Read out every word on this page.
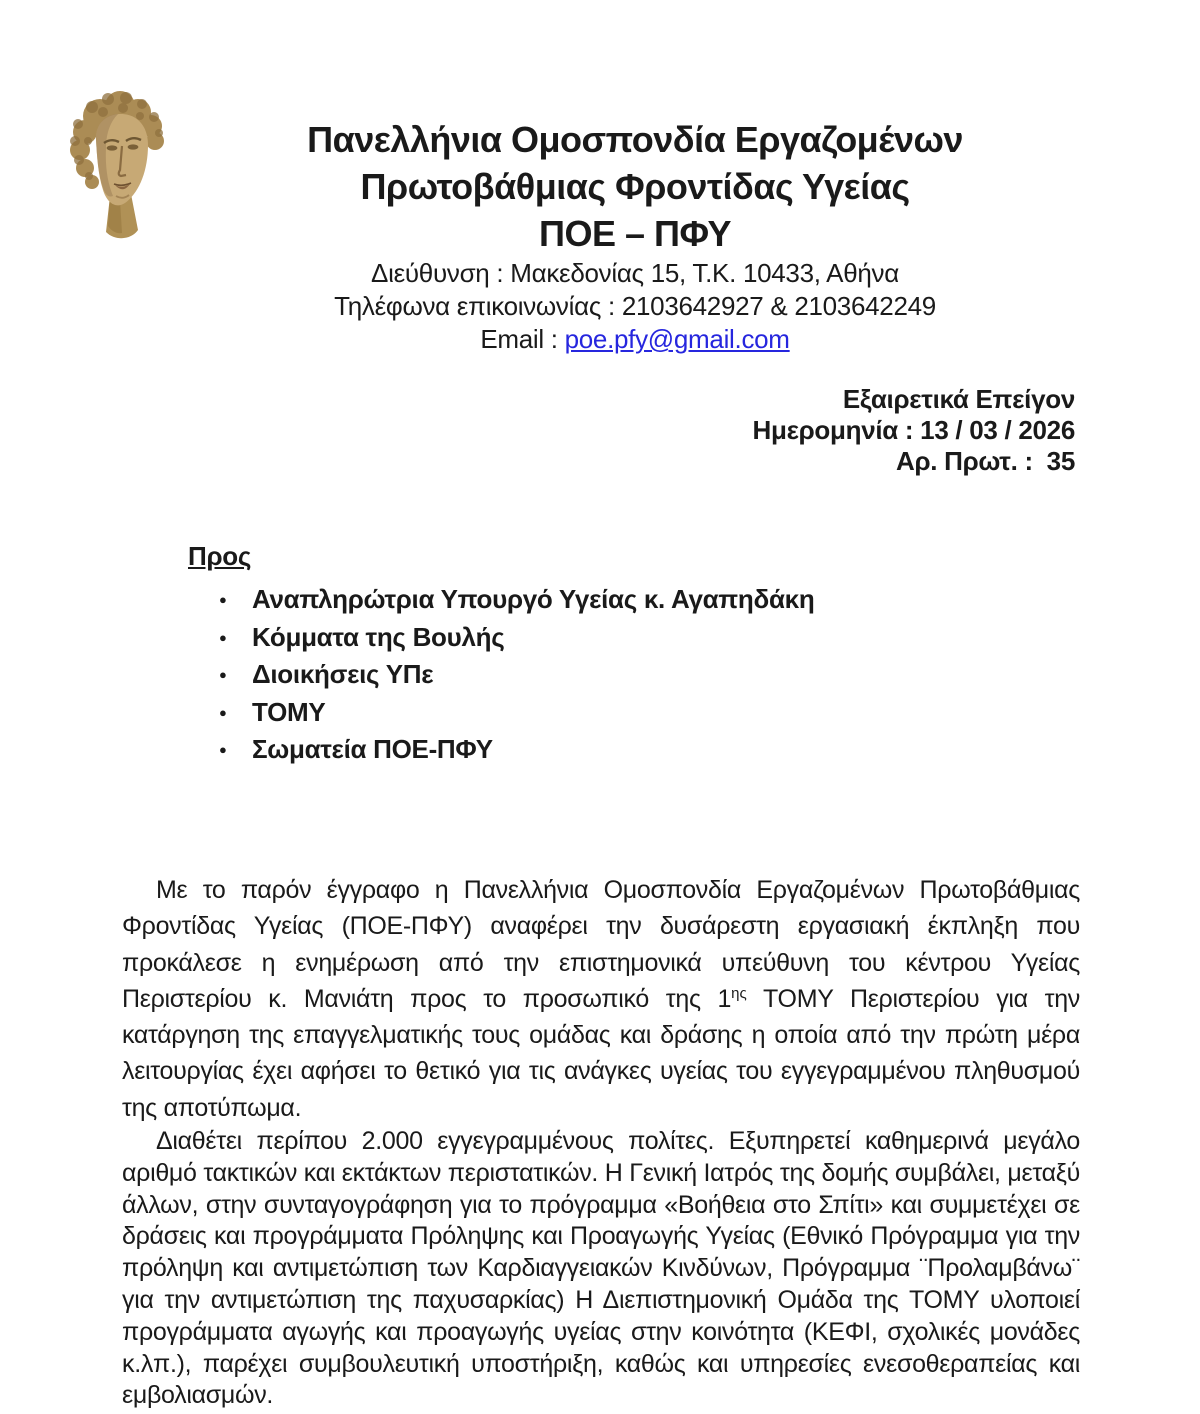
Πανελλήνια Ομοσπονδία Εργαζομένων
Πρωτοβάθμιας Φροντίδας Υγείας
ΠΟΕ – ΠΦΥ
Διεύθυνση : Μακεδονίας 15, Τ.Κ. 10433, Αθήνα
Τηλέφωνα επικοινωνίας : 2103642927 & 2103642249
Email : poe.pfy@gmail.com
Εξαιρετικά Επείγον
Ημερομηνία : 13 / 03 / 2026
Αρ. Πρωτ. :  35
Προς
● Αναπληρώτρια Υπουργό Υγείας κ. Αγαπηδάκη
● Κόμματα της Βουλής
● Διοικήσεις ΥΠε
● ΤΟΜΥ
● Σωματεία ΠΟΕ-ΠΦΥ

Με το παρόν έγγραφο η Πανελλήνια Ομοσπονδία Εργαζομένων Πρωτοβάθμιας Φροντίδας Υγείας (ΠΟΕ-ΠΦΥ) αναφέρει την δυσάρεστη εργασιακή έκπληξη που προκάλεσε η ενημέρωση από την επιστημονικά υπεύθυνη του κέντρου Υγείας Περιστερίου κ. Μανιάτη προς το προσωπικό της $1^{\eta\varsigma}$ ΤΟΜΥ Περιστερίου για την κατάργηση της επαγγελματικής τους ομάδας και δράσης η οποία από την πρώτη μέρα λειτουργίας έχει αφήσει το θετικό για τις ανάγκες υγείας του εγγεγραμμένου πληθυσμού της αποτύπωμα.

Διαθέτει περίπου 2.000 εγγεγραμμένους πολίτες. Εξυπηρετεί καθημερινά μεγάλο αριθμό τακτικών και εκτάκτων περιστατικών. Η Γενική Ιατρός της δομής συμβάλει, μεταξύ άλλων, στην συνταγογράφηση για το πρόγραμμα «Βοήθεια στο Σπίτι» και συμμετέχει σε δράσεις και προγράμματα Πρόληψης και Προαγωγής Υγείας (Εθνικό Πρόγραμμα για την πρόληψη και αντιμετώπιση των Καρδιαγγειακών Κινδύνων, Πρόγραμμα ¨Προλαμβάνω¨ για την αντιμετώπιση της παχυσαρκίας) Η Διεπιστημονική Ομάδα της ΤΟΜΥ υλοποιεί προγράμματα αγωγής και προαγωγής υγείας στην κοινότητα (ΚΕΦΙ, σχολικές μονάδες κ.λπ.), παρέχει συμβουλευτική υποστήριξη, καθώς και υπηρεσίες ενεσοθεραπείας και εμβολιασμών.
